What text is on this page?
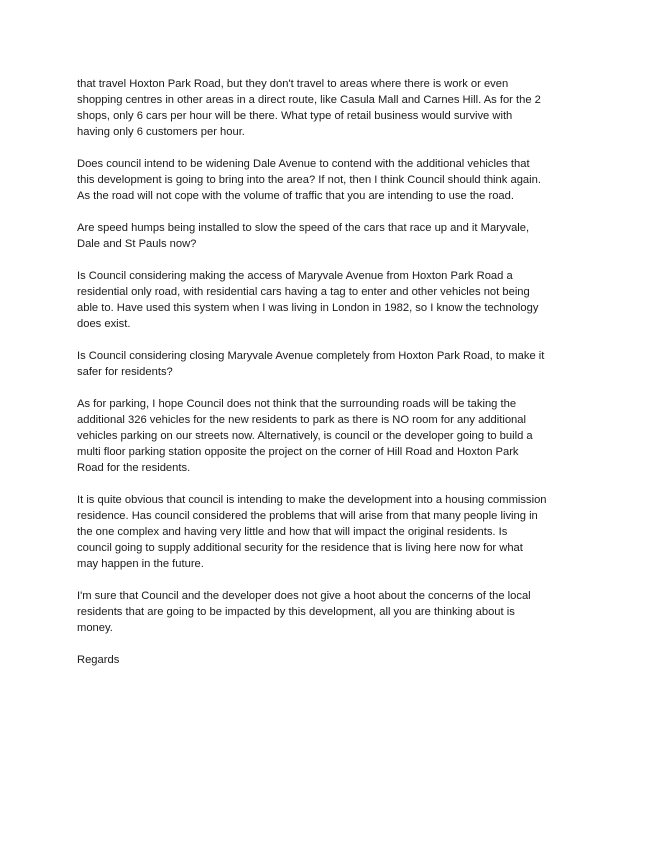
that travel Hoxton Park Road, but they don't travel to areas where there is work or even
shopping centres in other areas in a direct route, like Casula Mall and Carnes Hill. As for the 2
shops, only 6 cars per hour will be there. What type of retail business would survive with
having only 6 customers per hour.

Does council intend to be widening Dale Avenue to contend with the additional vehicles that
this development is going to bring into the area? If not, then I think Council should think again.
As the road will not cope with the volume of traffic that you are intending to use the road.

Are speed humps being installed to slow the speed of the cars that race up and it Maryvale,
Dale and St Pauls now?

Is Council considering making the access of Maryvale Avenue from Hoxton Park Road a
residential only road, with residential cars having a tag to enter and other vehicles not being
able to. Have used this system when I was living in London in 1982, so I know the technology
does exist.

Is Council considering closing Maryvale Avenue completely from Hoxton Park Road, to make it
safer for residents?

As for parking, I hope Council does not think that the surrounding roads will be taking the
additional 326 vehicles for the new residents to park as there is NO room for any additional
vehicles parking on our streets now. Alternatively, is council or the developer going to build a
multi floor parking station opposite the project on the corner of Hill Road and Hoxton Park
Road for the residents.

It is quite obvious that council is intending to make the development into a housing commission
residence. Has council considered the problems that will arise from that many people living in
the one complex and having very little and how that will impact the original residents. Is
council going to supply additional security for the residence that is living here now for what
may happen in the future.

I'm sure that Council and the developer does not give a hoot about the concerns of the local
residents that are going to be impacted by this development, all you are thinking about is
money.

Regards
